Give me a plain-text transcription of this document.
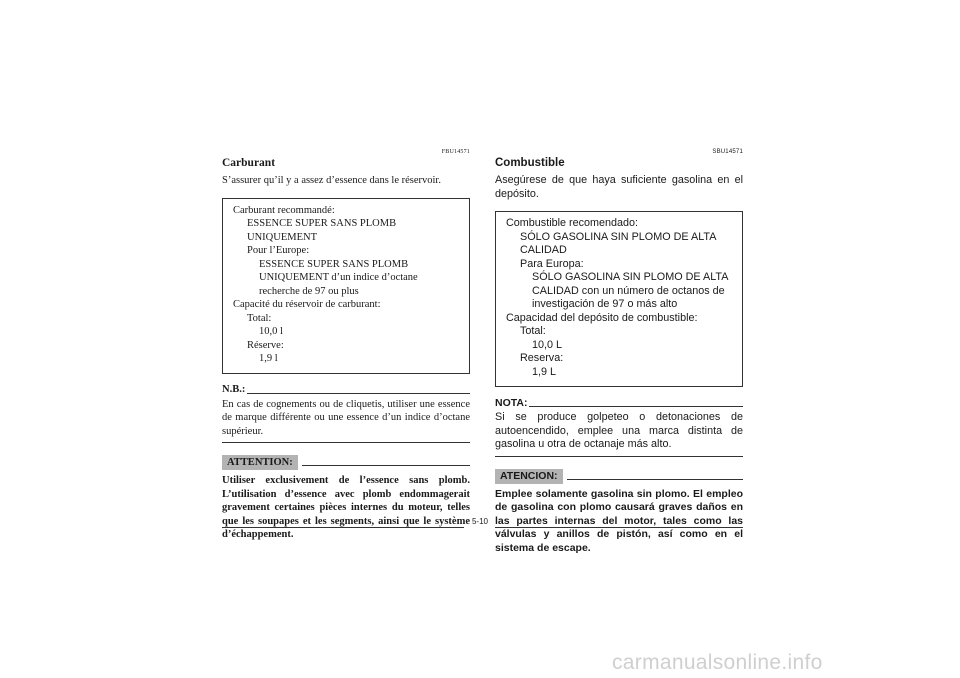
FBU14571
Carburant
S’assurer qu’il y a assez d’essence dans le réservoir.
Carburant recommandé:
ESSENCE SUPER SANS PLOMB UNIQUEMENT
Pour l’Europe:
ESSENCE SUPER SANS PLOMB UNIQUEMENT d’un indice d’octane recherche de 97 ou plus
Capacité du réservoir de carburant:
Total:
10,0 l
Réserve:
1,9 l
N.B.:
En cas de cognements ou de cliquetis, utiliser une essence de marque différente ou une essence d’un indice d’octane supérieur.
ATTENTION:
Utiliser exclusivement de l’essence sans plomb. L’utilisation d’essence avec plomb endommagerait gravement certaines pièces internes du moteur, telles que les soupapes et les segments, ainsi que le système d’échappement.
SBU14571
Combustible
Asegúrese de que haya suficiente gasolina en el depósito.
Combustible recomendado:
SÓLO GASOLINA SIN PLOMO DE ALTA CALIDAD
Para Europa:
SÓLO GASOLINA SIN PLOMO DE ALTA CALIDAD con un número de octanos de investigación de 97 o más alto
Capacidad del depósito de combustible:
Total:
10,0 L
Reserva:
1,9 L
NOTA:
Si se produce golpeteo o detonaciones de autoencendido, emplee una marca distinta de gasolina u otra de octanaje más alto.
ATENCION:
Emplee solamente gasolina sin plomo. El empleo de gasolina con plomo causará graves daños en las partes internas del motor, tales como las válvulas y anillos de pistón, así como en el sistema de escape.
5-10
carmanualsonline.info
